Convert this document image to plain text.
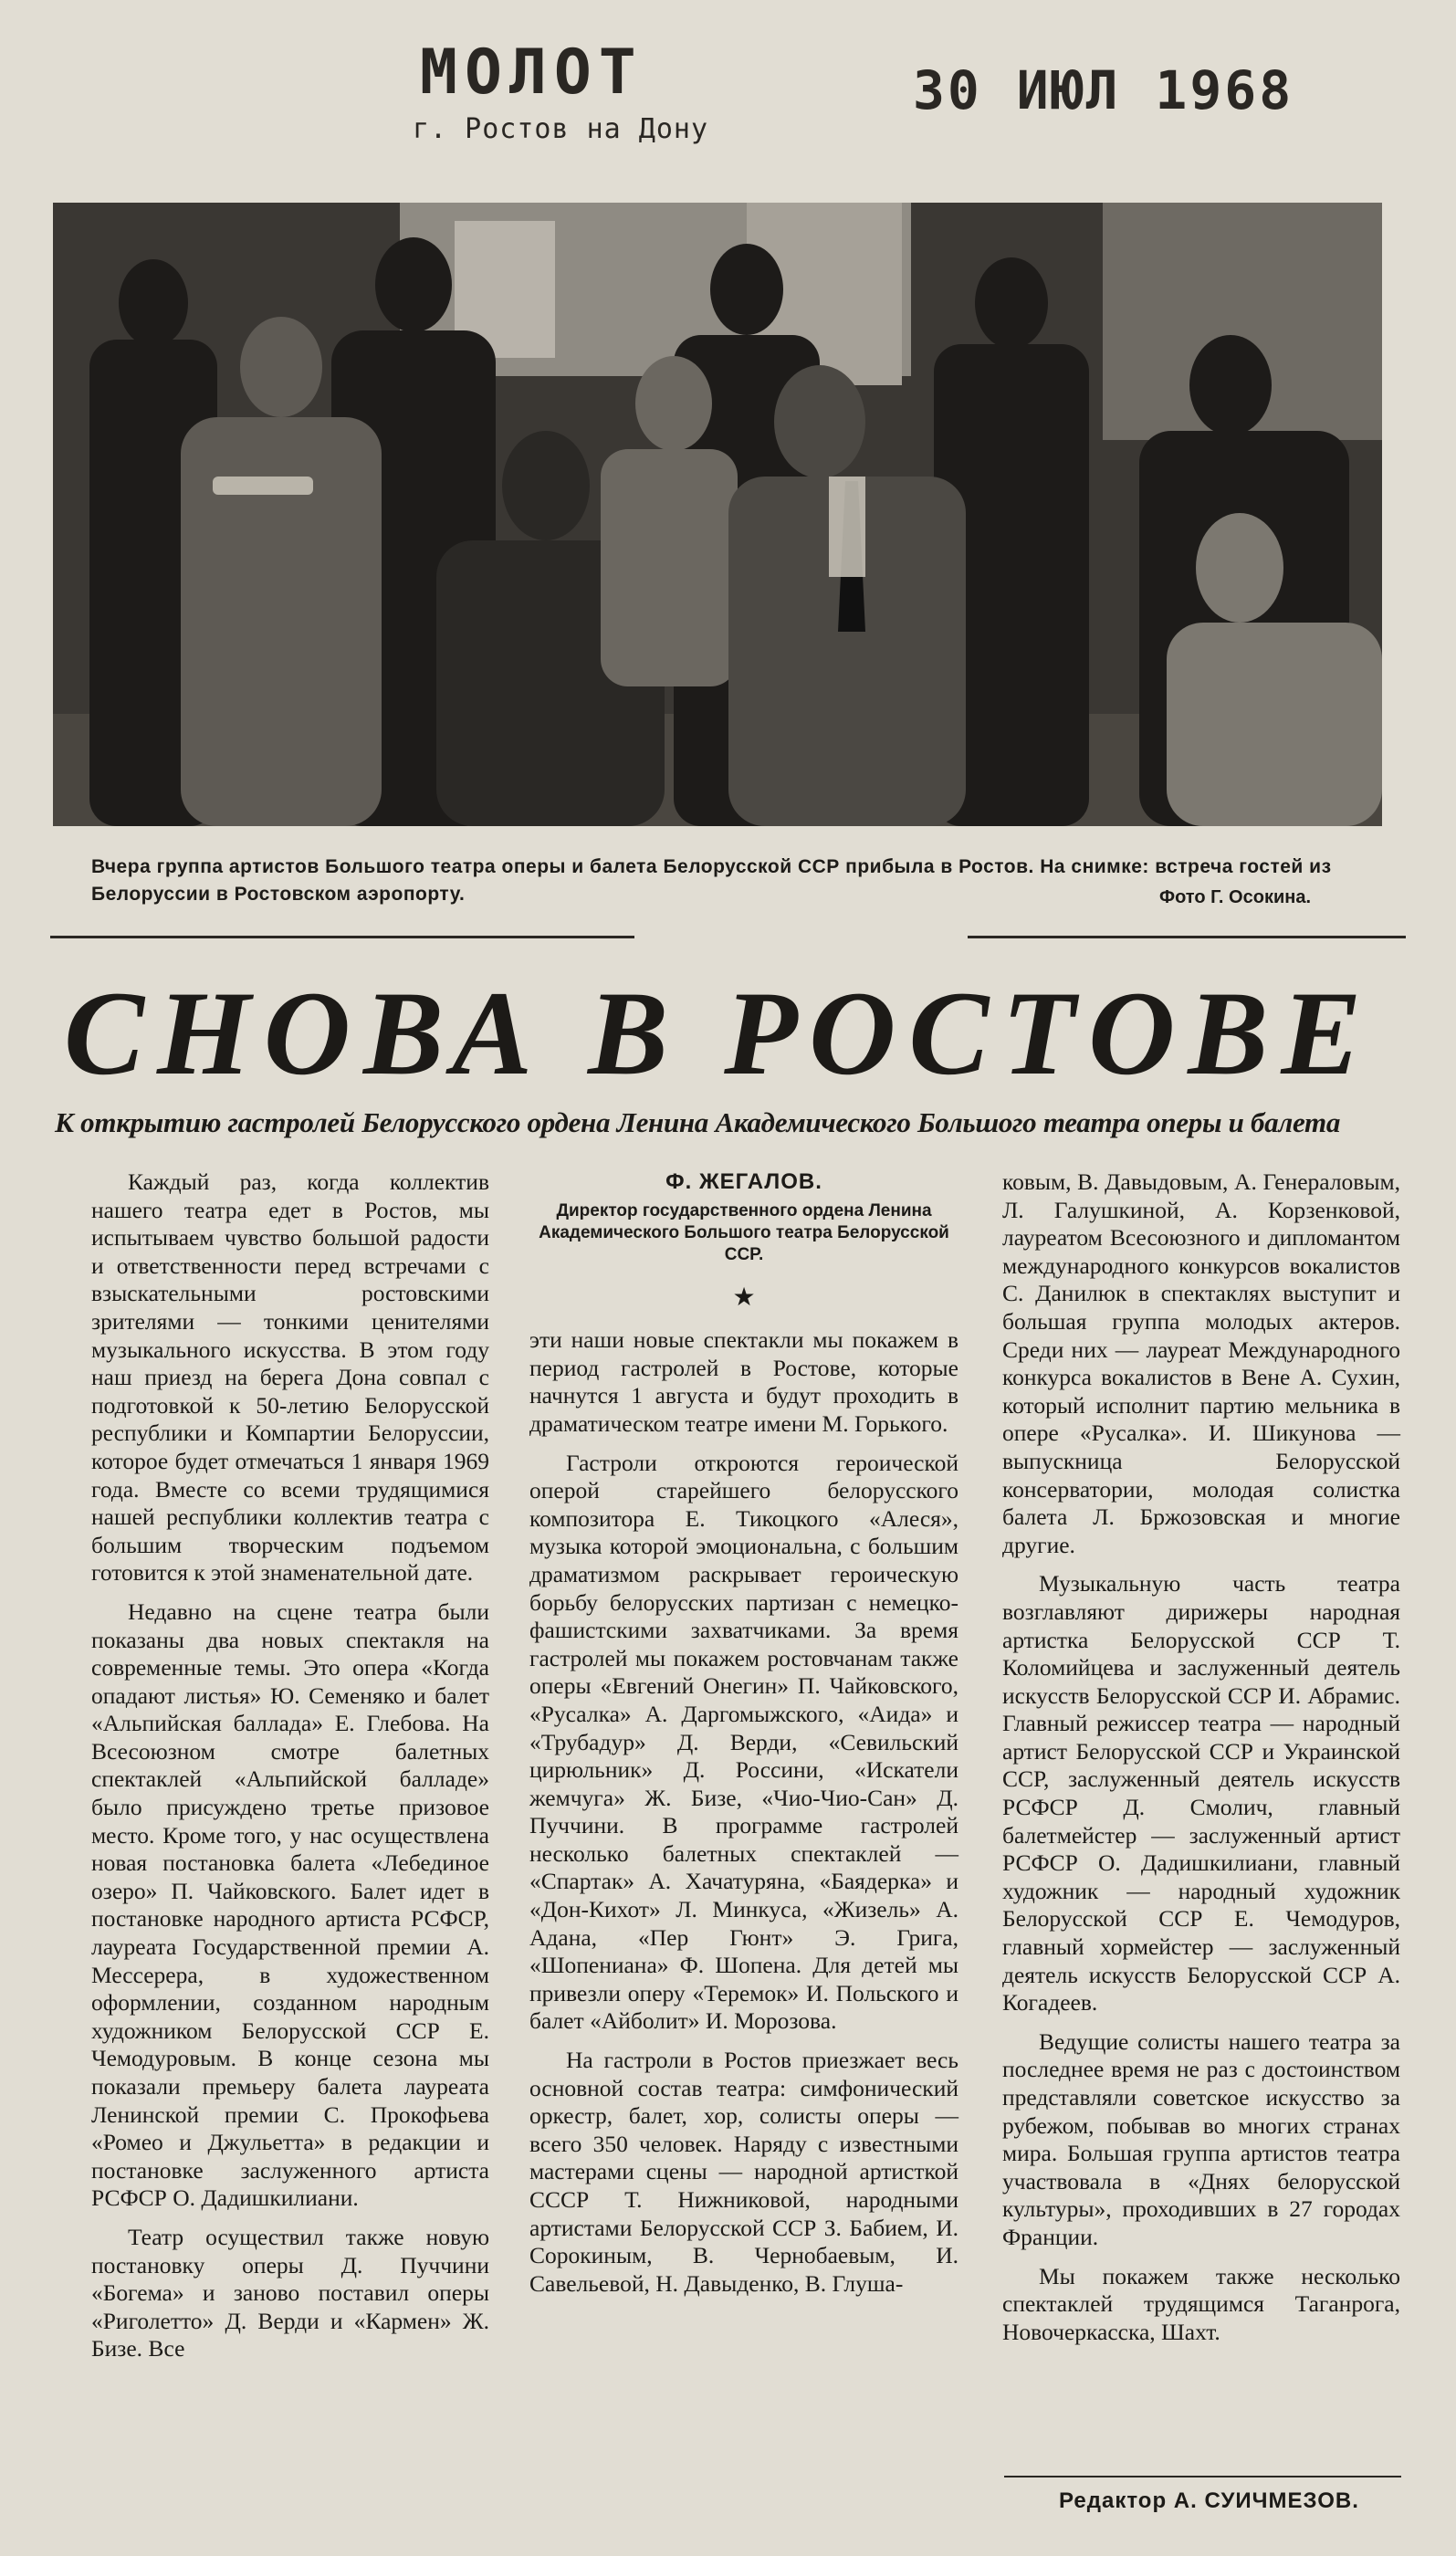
МОЛОТ
г. Ростов на Дону
30 ИЮЛ 1968
Вчера группа артистов Большого театра оперы и балета Белорусской ССР прибыла в Ростов. На снимке: встреча гостей из Белоруссии в Ростовском аэропорту.	Фото Г. Осокина.
СНОВА В РОСТОВЕ
К открытию гастролей Белорусского ордена Ленина Академического Большого театра оперы и балета

Каждый раз, когда коллектив нашего театра едет в Ростов, мы испытываем чувство большой радости и ответственности перед встречами с взыскательными ростовскими зрителями — тонкими ценителями музыкального искусства. В этом году наш приезд на берега Дона совпал с подготовкой к 50-летию Белорусской республики и Компартии Белоруссии, которое будет отмечаться 1 января 1969 года. Вместе со всеми трудящимися нашей республики коллектив театра с большим творческим подъемом готовится к этой знаменательной дате.

Недавно на сцене театра были показаны два новых спектакля на современные темы. Это опера «Когда опадают листья» Ю. Семеняко и балет «Альпийская баллада» Е. Глебова. На Всесоюзном смотре балетных спектаклей «Альпийской балладе» было присуждено третье призовое место. Кроме того, у нас осуществлена новая постановка балета «Лебединое озеро» П. Чайковского. Балет идет в постановке народного артиста РСФСР, лауреата Государственной премии А. Мессерера, в художественном оформлении, созданном народным художником Белорусской ССР Е. Чемодуровым. В конце сезона мы показали премьеру балета лауреата Ленинской премии С. Прокофьева «Ромео и Джульетта» в редакции и постановке заслуженного артиста РСФСР О. Дадишкилиани.

Театр осуществил также новую постановку оперы Д. Пуччини «Богема» и заново поставил оперы «Риголетто» Д. Верди и «Кармен» Ж. Бизе. Все

Ф. ЖЕГАЛОВ.
Директор государственного ордена Ленина Академического Большого театра Белорусской ССР.
★

эти наши новые спектакли мы покажем в период гастролей в Ростове, которые начнутся 1 августа и будут проходить в драматическом театре имени М. Горького.

Гастроли откроются героической оперой старейшего белорусского композитора Е. Тикоцкого «Алеся», музыка которой эмоциональна, с большим драматизмом раскрывает героическую борьбу белорусских партизан с немецко-фашистскими захватчиками. За время гастролей мы покажем ростовчанам также оперы «Евгений Онегин» П. Чайковского, «Русалка» А. Даргомыжского, «Аида» и «Трубадур» Д. Верди, «Севильский цирюльник» Д. Россини, «Искатели жемчуга» Ж. Бизе, «Чио-Чио-Сан» Д. Пуччини. В программе гастролей несколько балетных спектаклей — «Спартак» А. Хачатуряна, «Баядерка» и «Дон-Кихот» Л. Минкуса, «Жизель» А. Адана, «Пер Гюнт» Э. Грига, «Шопениана» Ф. Шопена. Для детей мы привезли оперу «Теремок» И. Польского и балет «Айболит» И. Морозова.

На гастроли в Ростов приезжает весь основной состав театра: симфонический оркестр, балет, хор, солисты оперы — всего 350 человек. Наряду с известными мастерами сцены — народной артисткой СССР Т. Нижниковой, народными артистами Белорусской ССР З. Бабием, И. Сорокиным, В. Чернобаевым, И. Савельевой, Н. Давыденко, В. Глуша-

ковым, В. Давыдовым, А. Генераловым, Л. Галушкиной, А. Корзенковой, лауреатом Всесоюзного и дипломантом международного конкурсов вокалистов С. Данилюк в спектаклях выступит и большая группа молодых актеров. Среди них — лауреат Международного конкурса вокалистов в Вене А. Сухин, который исполнит партию мельника в опере «Русалка». И. Шикунова — выпускница Белорусской консерватории, молодая солистка балета Л. Бржозовская и многие другие.

Музыкальную часть театра возглавляют дирижеры народная артистка Белорусской ССР Т. Коломийцева и заслуженный деятель искусств Белорусской ССР И. Абрамис. Главный режиссер театра — народный артист Белорусской ССР и Украинской ССР, заслуженный деятель искусств РСФСР Д. Смолич, главный балетмейстер — заслуженный артист РСФСР О. Дадишкилиани, главный художник — народный художник Белорусской ССР Е. Чемодуров, главный хормейстер — заслуженный деятель искусств Белорусской ССР А. Когадеев.

Ведущие солисты нашего театра за последнее время не раз с достоинством представляли советское искусство за рубежом, побывав во многих странах мира. Большая группа артистов театра участвовала в «Днях белорусской культуры», проходивших в 27 городах Франции.

Мы покажем также несколько спектаклей трудящимся Таганрога, Новочеркасска, Шахт.

Редактор А. СУИЧМЕЗОВ.
